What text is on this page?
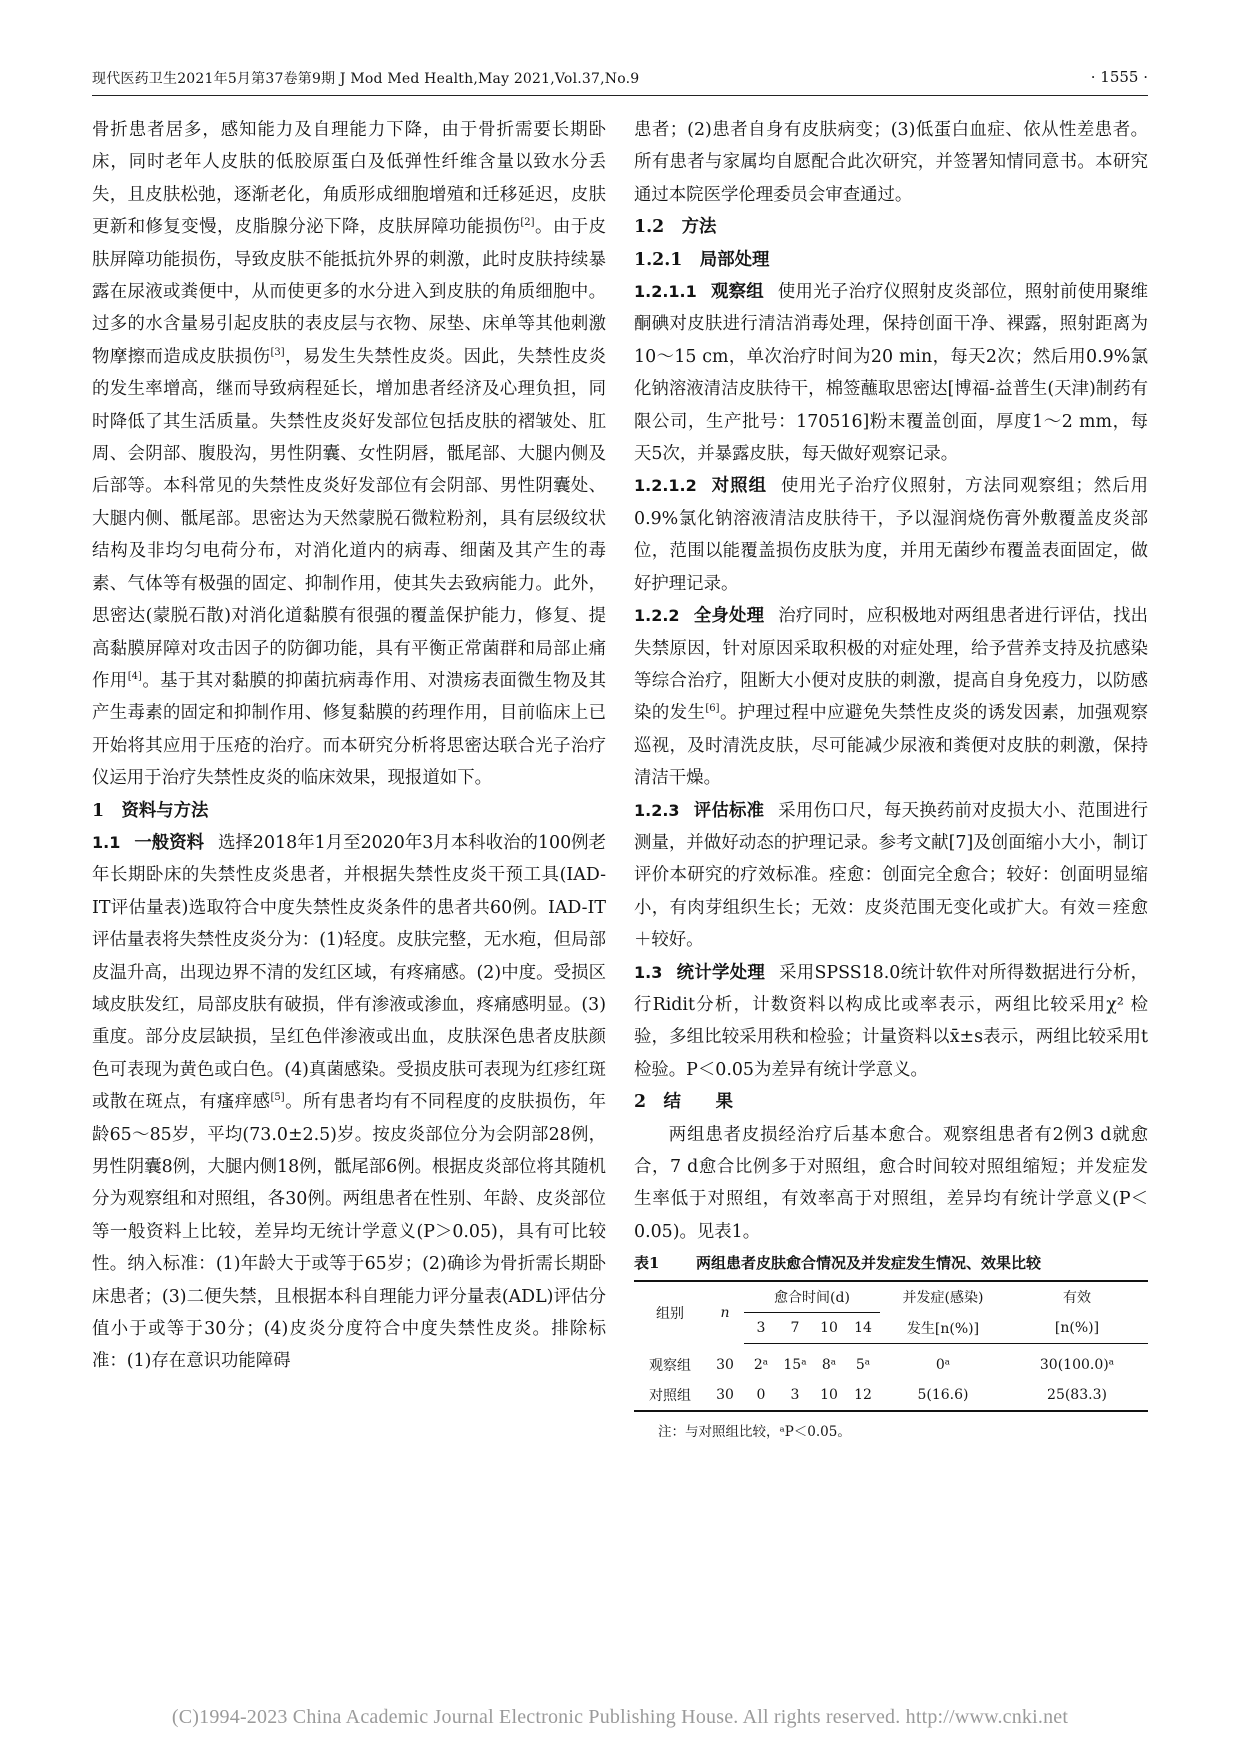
现代医药卫生2021年5月第37卷第9期 J Mod Med Health,May 2021,Vol.37,No.9	· 1555 ·

骨折患者居多，感知能力及自理能力下降，由于骨折需要长期卧床，同时老年人皮肤的低胶原蛋白及低弹性纤维含量以致水分丢失，且皮肤松弛，逐渐老化，角质形成细胞增殖和迁移延迟，皮肤更新和修复变慢，皮脂腺分泌下降，皮肤屏障功能损伤[2]。由于皮肤屏障功能损伤，导致皮肤不能抵抗外界的刺激，此时皮肤持续暴露在尿液或粪便中，从而使更多的水分进入到皮肤的角质细胞中。过多的水含量易引起皮肤的表皮层与衣物、尿垫、床单等其他刺激物摩擦而造成皮肤损伤[3]，易发生失禁性皮炎。因此，失禁性皮炎的发生率增高，继而导致病程延长，增加患者经济及心理负担，同时降低了其生活质量。失禁性皮炎好发部位包括皮肤的褶皱处、肛周、会阴部、腹股沟，男性阴囊、女性阴唇，骶尾部、大腿内侧及后部等。本科常见的失禁性皮炎好发部位有会阴部、男性阴囊处、大腿内侧、骶尾部。思密达为天然蒙脱石微粒粉剂，具有层级纹状结构及非均匀电荷分布，对消化道内的病毒、细菌及其产生的毒素、气体等有极强的固定、抑制作用，使其失去致病能力。此外，思密达(蒙脱石散)对消化道黏膜有很强的覆盖保护能力，修复、提高黏膜屏障对攻击因子的防御功能，具有平衡正常菌群和局部止痛作用[4]。基于其对黏膜的抑菌抗病毒作用、对溃疡表面微生物及其产生毒素的固定和抑制作用、修复黏膜的药理作用，目前临床上已开始将其应用于压疮的治疗。而本研究分析将思密达联合光子治疗仪运用于治疗失禁性皮炎的临床效果，现报道如下。

1　资料与方法

1.1 一般资料 选择2018年1月至2020年3月本科收治的100例老年长期卧床的失禁性皮炎患者，并根据失禁性皮炎干预工具(IAD-IT评估量表)选取符合中度失禁性皮炎条件的患者共60例。IAD-IT评估量表将失禁性皮炎分为：(1)轻度。皮肤完整，无水疱，但局部皮温升高，出现边界不清的发红区域，有疼痛感。(2)中度。受损区域皮肤发红，局部皮肤有破损，伴有渗液或渗血，疼痛感明显。(3)重度。部分皮层缺损，呈红色伴渗液或出血，皮肤深色患者皮肤颜色可表现为黄色或白色。(4)真菌感染。受损皮肤可表现为红疹红斑或散在斑点，有瘙痒感[5]。所有患者均有不同程度的皮肤损伤，年龄65～85岁，平均(73.0±2.5)岁。按皮炎部位分为会阴部28例，男性阴囊8例，大腿内侧18例，骶尾部6例。根据皮炎部位将其随机分为观察组和对照组，各30例。两组患者在性别、年龄、皮炎部位等一般资料上比较，差异均无统计学意义(P＞0.05)，具有可比较性。纳入标准：(1)年龄大于或等于65岁；(2)确诊为骨折需长期卧床患者；(3)二便失禁，且根据本科自理能力评分量表(ADL)评估分值小于或等于30分；(4)皮炎分度符合中度失禁性皮炎。排除标准：(1)存在意识功能障碍

患者；(2)患者自身有皮肤病变；(3)低蛋白血症、依从性差患者。所有患者与家属均自愿配合此次研究，并签署知情同意书。本研究通过本院医学伦理委员会审查通过。

1.2　方法

1.2.1　局部处理

1.2.1.1 观察组 使用光子治疗仪照射皮炎部位，照射前使用聚维酮碘对皮肤进行清洁消毒处理，保持创面干净、裸露，照射距离为10～15 cm，单次治疗时间为20 min，每天2次；然后用0.9%氯化钠溶液清洁皮肤待干，棉签蘸取思密达[博福-益普生(天津)制药有限公司，生产批号：170516]粉末覆盖创面，厚度1～2 mm，每天5次，并暴露皮肤，每天做好观察记录。

1.2.1.2 对照组 使用光子治疗仪照射，方法同观察组；然后用0.9%氯化钠溶液清洁皮肤待干，予以湿润烧伤膏外敷覆盖皮炎部位，范围以能覆盖损伤皮肤为度，并用无菌纱布覆盖表面固定，做好护理记录。

1.2.2 全身处理 治疗同时，应积极地对两组患者进行评估，找出失禁原因，针对原因采取积极的对症处理，给予营养支持及抗感染等综合治疗，阻断大小便对皮肤的刺激，提高自身免疫力，以防感染的发生[6]。护理过程中应避免失禁性皮炎的诱发因素，加强观察巡视，及时清洗皮肤，尽可能减少尿液和粪便对皮肤的刺激，保持清洁干燥。

1.2.3 评估标准 采用伤口尺，每天换药前对皮损大小、范围进行测量，并做好动态的护理记录。参考文献[7]及创面缩小大小，制订评价本研究的疗效标准。痊愈：创面完全愈合；较好：创面明显缩小，有肉芽组织生长；无效：皮炎范围无变化或扩大。有效＝痊愈＋较好。

1.3 统计学处理 采用SPSS18.0统计软件对所得数据进行分析，行Ridit分析，计数资料以构成比或率表示，两组比较采用χ² 检验，多组比较采用秩和检验；计量资料以x̄±s表示，两组比较采用t检验。P＜0.05为差异有统计学意义。

2　结　　果

两组患者皮损经治疗后基本愈合。观察组患者有2例3 d就愈合，7 d愈合比例多于对照组，愈合时间较对照组缩短；并发症发生率低于对照组，有效率高于对照组，差异均有统计学意义(P＜0.05)。见表1。

表1 两组患者皮肤愈合情况及并发症发生情况、效果比较

组别	n	愈合时间(d)				并发症(感染)	有效
		3	7	10	14	发生[n(%)]	[n(%)]
观察组	30	2ᵃ	15ᵃ	8ᵃ	5ᵃ	0ᵃ	30(100.0)ᵃ
对照组	30	0	3	10	12	5(16.6)	25(83.3)

注：与对照组比较，ᵃP＜0.05。

(C)1994-2023 China Academic Journal Electronic Publishing House. All rights reserved. http://www.cnki.net
